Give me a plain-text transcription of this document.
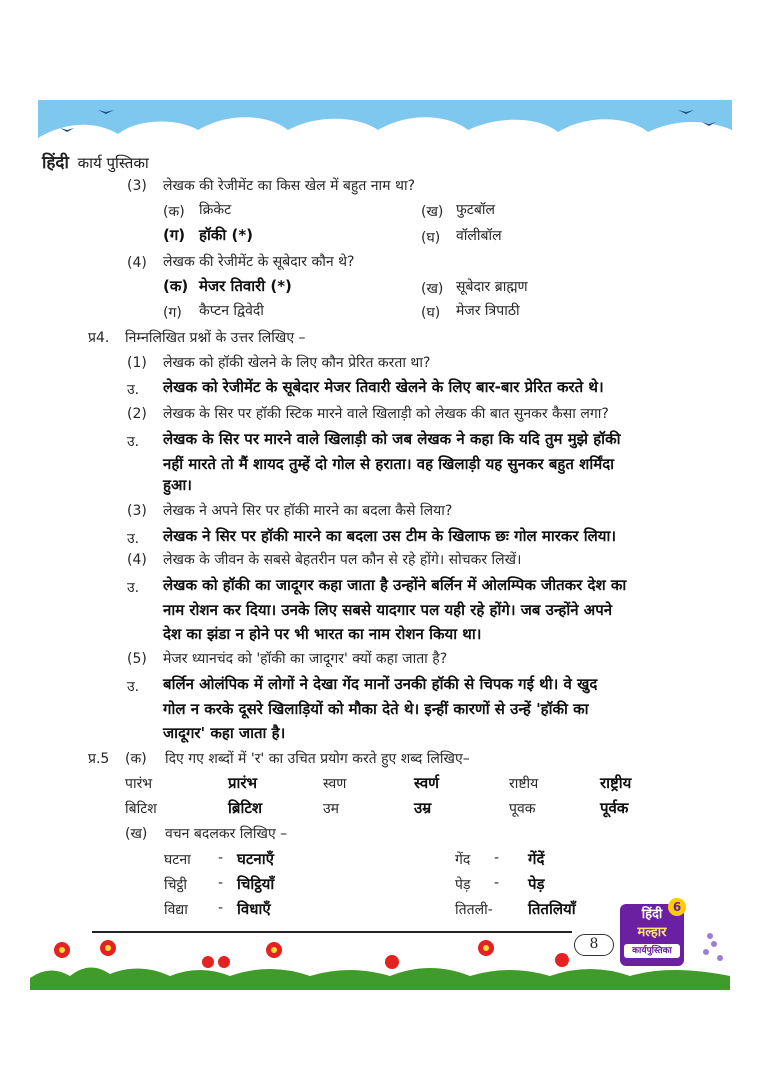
हिंदी कार्य पुस्तिका
(3) लेखक की रेजीमेंट का किस खेल में बहुत नाम था?
(क) क्रिकेट	(ख) फुटबॉल
(ग) हॉकी (*)	(घ) वॉलीबॉल
(4) लेखक की रेजीमेंट के सूबेदार कौन थे?
(क) मेजर तिवारी (*)	(ख) सूबेदार ब्राह्मण
(ग) कैप्टन द्विवेदी	(घ) मेजर त्रिपाठी
प्र4. निम्नलिखित प्रश्नों के उत्तर लिखिए –
(1) लेखक को हॉकी खेलने के लिए कौन प्रेरित करता था?
उ. लेखक को रेजीमेंट के सूबेदार मेजर तिवारी खेलने के लिए बार-बार प्रेरित करते थे।
(2) लेखक के सिर पर हॉकी स्टिक मारने वाले खिलाड़ी को लेखक की बात सुनकर कैसा लगा?
उ. लेखक के सिर पर मारने वाले खिलाड़ी को जब लेखक ने कहा कि यदि तुम मुझे हॉकी
नहीं मारते तो मैं शायद तुम्हें दो गोल से हराता। वह खिलाड़ी यह सुनकर बहुत शर्मिंदा
हुआ।
(3) लेखक ने अपने सिर पर हॉकी मारने का बदला कैसे लिया?
उ. लेखक ने सिर पर हॉकी मारने का बदला उस टीम के खिलाफ छः गोल मारकर लिया।
(4) लेखक के जीवन के सबसे बेहतरीन पल कौन से रहे होंगे। सोचकर लिखें।
उ. लेखक को हॉकी का जादूगर कहा जाता है उन्होंने बर्लिन में ओलम्पिक जीतकर देश का
नाम रोशन कर दिया। उनके लिए सबसे यादगार पल यही रहे होंगे। जब उन्होंने अपने
देश का झंडा न होने पर भी भारत का नाम रोशन किया था।
(5) मेजर ध्यानचंद को 'हॉकी का जादूगर' क्यों कहा जाता है?
उ. बर्लिन ओलंपिक में लोगों ने देखा गेंद मानों उनकी हॉकी से चिपक गई थी। वे खुद
गोल न करके दूसरे खिलाड़ियों को मौका देते थे। इन्हीं कारणों से उन्हें 'हॉकी का
जादूगर' कहा जाता है।
प्र.5 (क) दिए गए शब्दों में 'र' का उचित प्रयोग करते हुए शब्द लिखिए–
पारंभ	प्रारंभ	स्वण	स्वर्ण	राष्टीय	राष्ट्रीय
बिटिश	ब्रिटिश	उम	उम्र	पूवक	पूर्वक
(ख) वचन बदलकर लिखिए –
घटना - घटनाएँ	गेंद - गेंदें
चिट्ठी - चिट्ठियाँ	पेड़ - पेड़
विद्या - विधाएँ	तितली- तितलियाँ
8
6
हिंदी
मल्हार
कार्यपुस्तिका
